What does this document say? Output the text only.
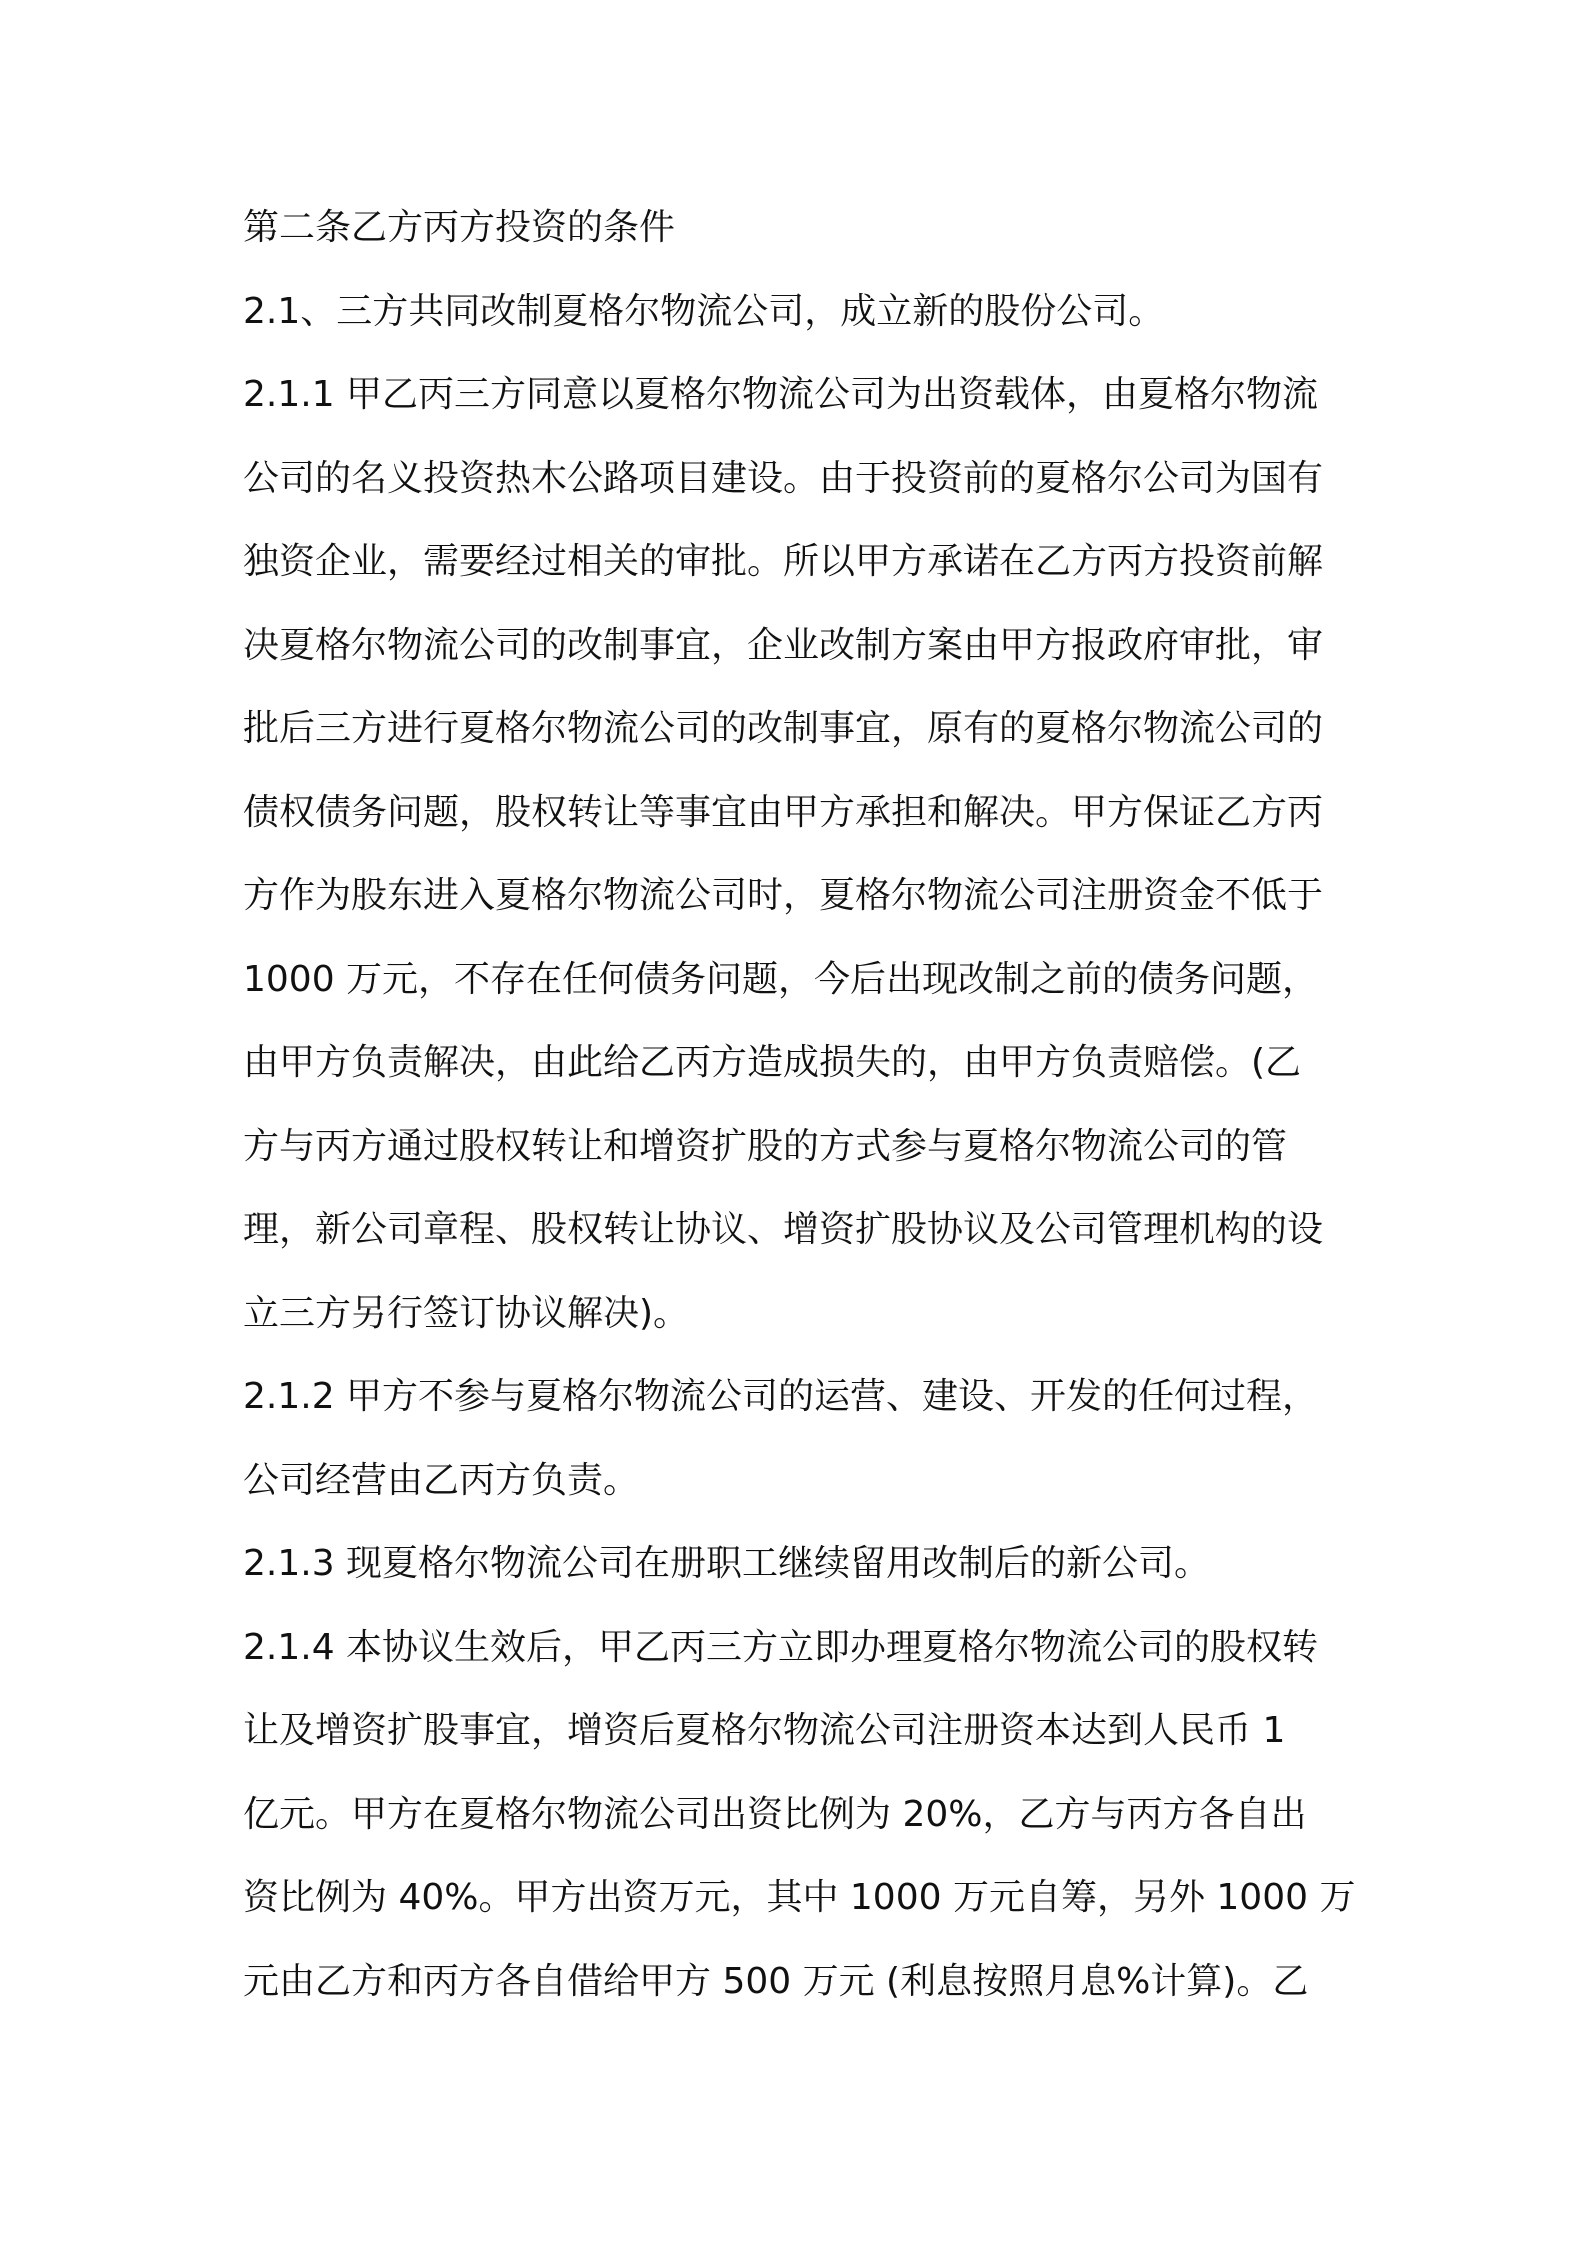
第二条乙方丙方投资的条件
2.1、三方共同改制夏格尔物流公司，成立新的股份公司。
2.1.1 甲乙丙三方同意以夏格尔物流公司为出资载体，由夏格尔物流
公司的名义投资热木公路项目建设。由于投资前的夏格尔公司为国有
独资企业，需要经过相关的审批。所以甲方承诺在乙方丙方投资前解
决夏格尔物流公司的改制事宜，企业改制方案由甲方报政府审批，审
批后三方进行夏格尔物流公司的改制事宜，原有的夏格尔物流公司的
债权债务问题，股权转让等事宜由甲方承担和解决。甲方保证乙方丙
方作为股东进入夏格尔物流公司时，夏格尔物流公司注册资金不低于
1000 万元，不存在任何债务问题，今后出现改制之前的债务问题，
由甲方负责解决，由此给乙丙方造成损失的，由甲方负责赔偿。(乙
方与丙方通过股权转让和增资扩股的方式参与夏格尔物流公司的管
理，新公司章程、股权转让协议、增资扩股协议及公司管理机构的设
立三方另行签订协议解决)。
2.1.2 甲方不参与夏格尔物流公司的运营、建设、开发的任何过程，
公司经营由乙丙方负责。
2.1.3 现夏格尔物流公司在册职工继续留用改制后的新公司。
2.1.4 本协议生效后，甲乙丙三方立即办理夏格尔物流公司的股权转
让及增资扩股事宜，增资后夏格尔物流公司注册资本达到人民币 1
亿元。甲方在夏格尔物流公司出资比例为 20%，乙方与丙方各自出
资比例为 40%。甲方出资万元，其中 1000 万元自筹，另外 1000 万
元由乙方和丙方各自借给甲方 500 万元 (利息按照月息%计算)。乙
